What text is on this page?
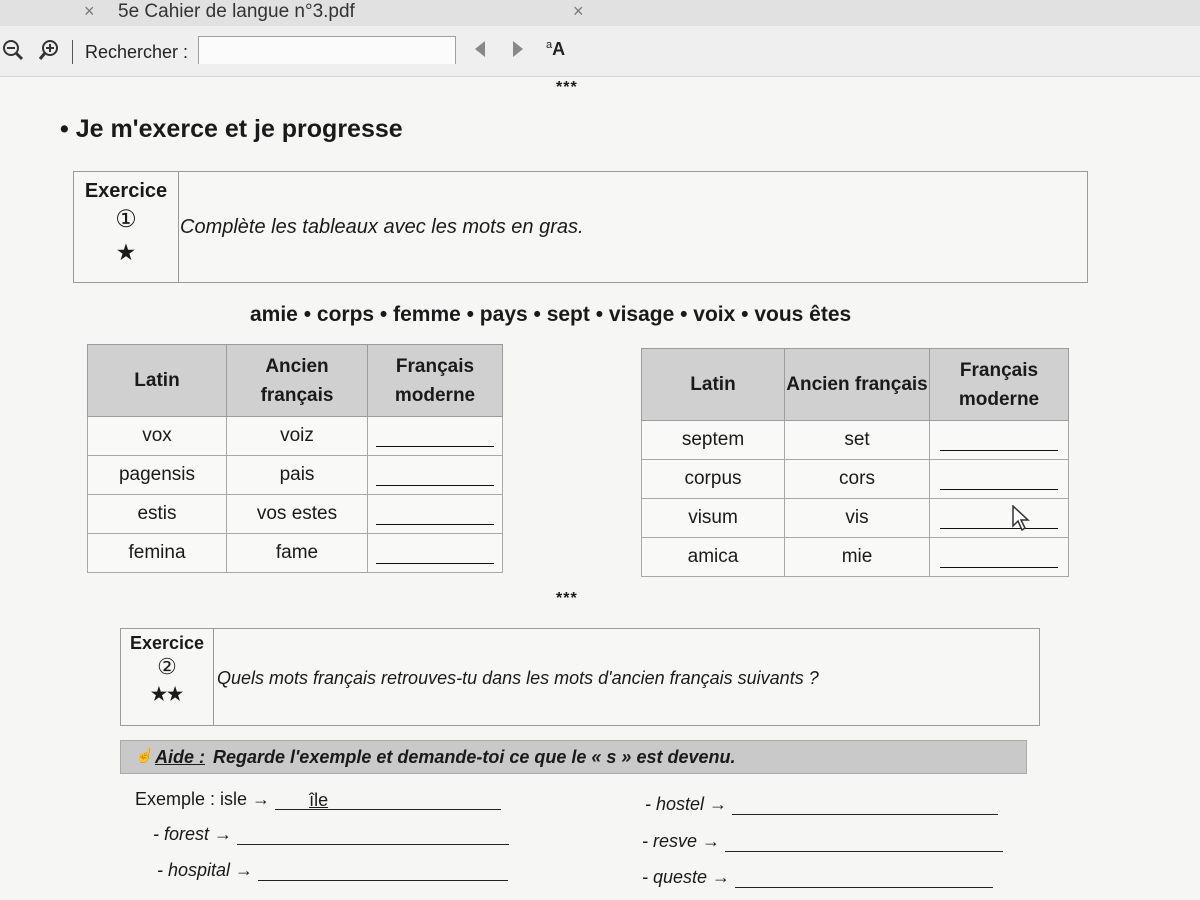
× 5e Cahier de langue n°3.pdf	×
Rechercher :	$^a$A
***
• Je m'exerce et je progresse
Exercice
①
★
Complète les tableaux avec les mots en gras.
amie • corps • femme • pays • sept • visage • voix • vous êtes
Latin	Ancien français	Français moderne
vox	voiz	

pagensis	pais	

estis	vos estes	

femina	fame	
Latin	Ancien français	Français moderne
septem	set	

corpus	cors	

visum	vis	

amica	mie	
***
Exercice
②
★★
Quels mots français retrouves-tu dans les mots d'ancien français suivants ?
☝ Aide : Regarde l'exemple et demande-toi ce que le « s » est devenu.
Exemple : isle → île
- forest →
- hospital →
- hostel →
- resve →
- queste →
